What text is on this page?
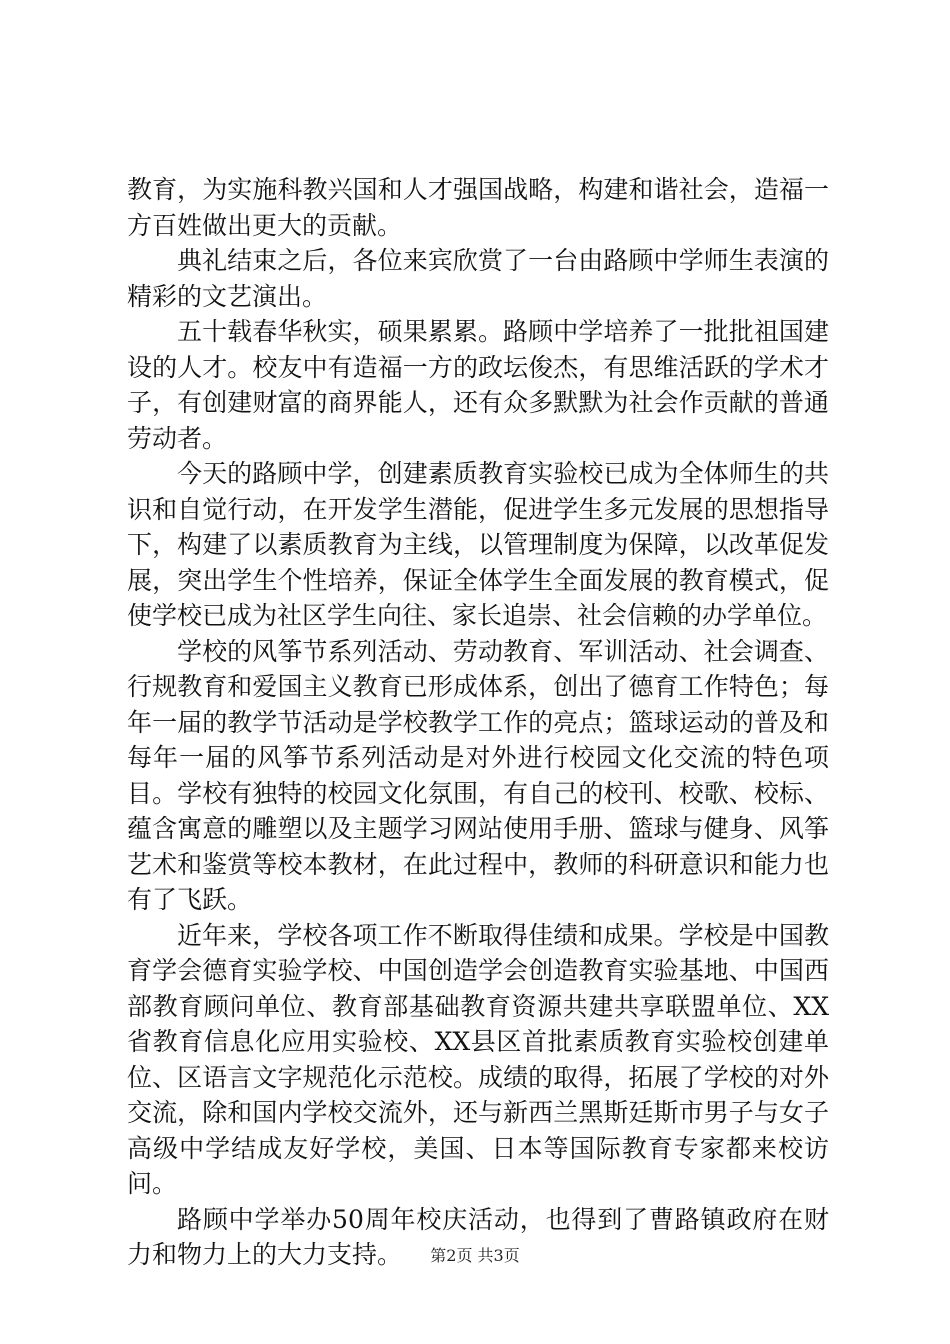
教育，为实施科教兴国和人才强国战略，构建和谐社会，造福一方百姓做出更大的贡献。

典礼结束之后，各位来宾欣赏了一台由路顾中学师生表演的精彩的文艺演出。

五十载春华秋实，硕果累累。路顾中学培养了一批批祖国建设的人才。校友中有造福一方的政坛俊杰，有思维活跃的学术才子，有创建财富的商界能人，还有众多默默为社会作贡献的普通劳动者。

今天的路顾中学，创建素质教育实验校已成为全体师生的共识和自觉行动，在开发学生潜能，促进学生多元发展的思想指导下，构建了以素质教育为主线，以管理制度为保障，以改革促发展，突出学生个性培养，保证全体学生全面发展的教育模式，促使学校已成为社区学生向往、家长追崇、社会信赖的办学单位。

学校的风筝节系列活动、劳动教育、军训活动、社会调查、行规教育和爱国主义教育已形成体系，创出了德育工作特色；每年一届的教学节活动是学校教学工作的亮点；篮球运动的普及和每年一届的风筝节系列活动是对外进行校园文化交流的特色项目。学校有独特的校园文化氛围，有自己的校刊、校歌、校标、蕴含寓意的雕塑以及主题学习网站使用手册、篮球与健身、风筝艺术和鉴赏等校本教材，在此过程中，教师的科研意识和能力也有了飞跃。

近年来，学校各项工作不断取得佳绩和成果。学校是中国教育学会德育实验学校、中国创造学会创造教育实验基地、中国西部教育顾问单位、教育部基础教育资源共建共享联盟单位、XX省教育信息化应用实验校、XX县区首批素质教育实验校创建单位、区语言文字规范化示范校。成绩的取得，拓展了学校的对外交流，除和国内学校交流外，还与新西兰黑斯廷斯市男子与女子高级中学结成友好学校，美国、日本等国际教育专家都来校访问。

路顾中学举办50周年校庆活动，也得到了曹路镇政府在财力和物力上的大力支持。	第2页 共3页
